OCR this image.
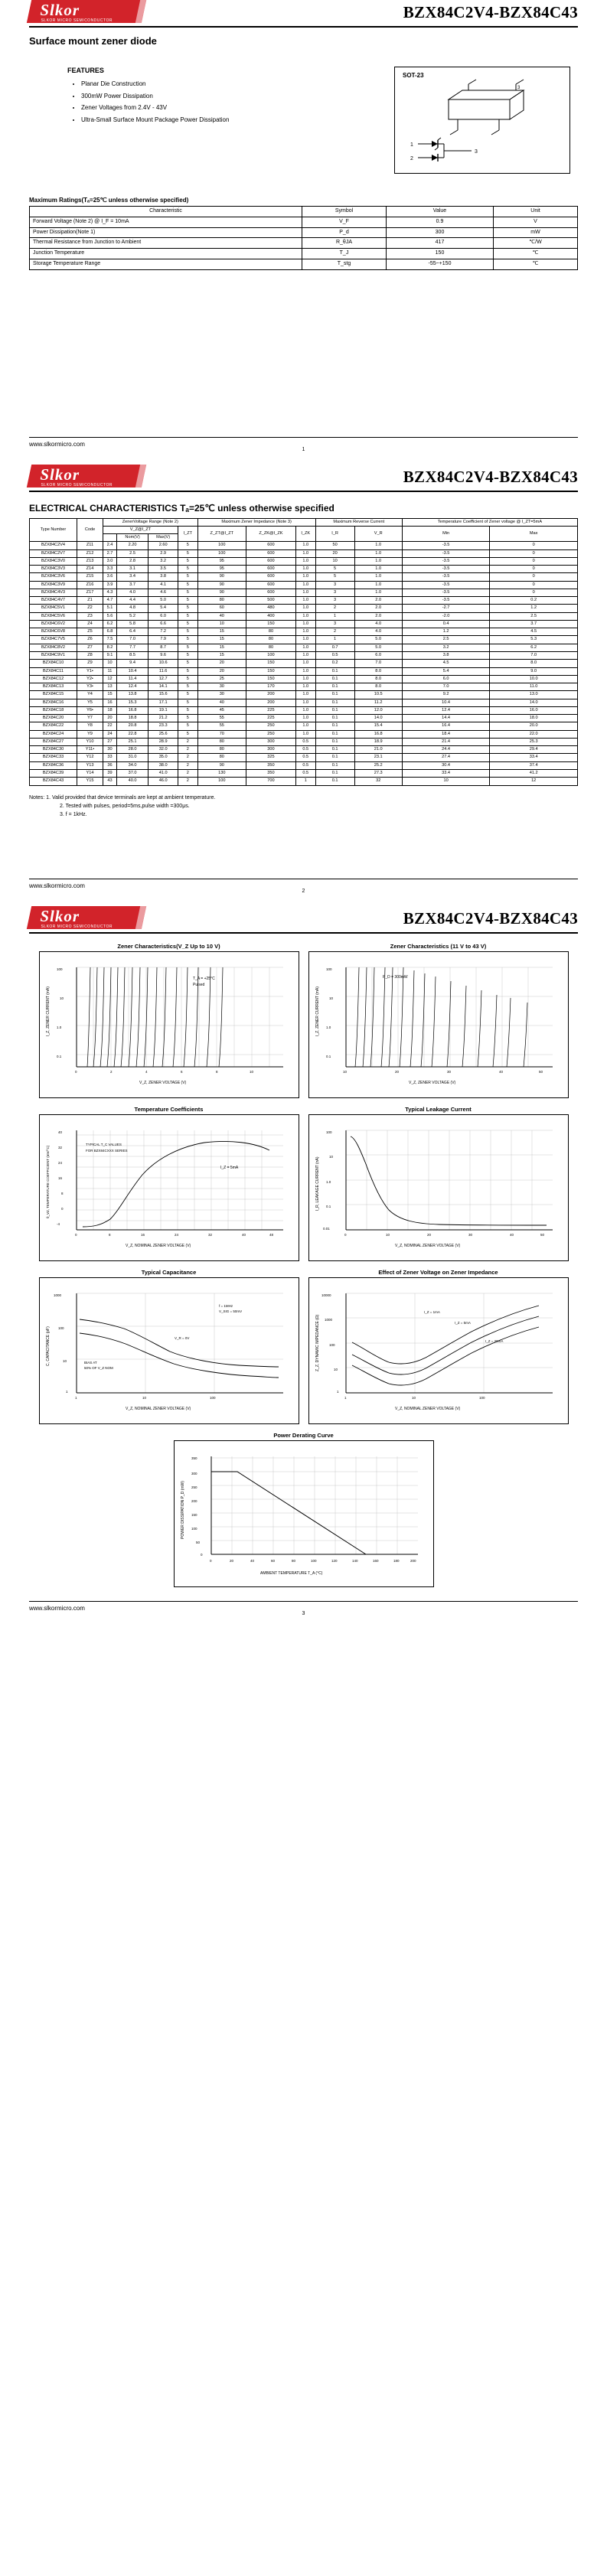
Slkor
SLKOR MICRO SEMICONDUCTOR	BZX84C2V4-BZX84C43
Surface mount zener diode
FEATURES
• Planar Die Construction
• 300mW Power Dissipation
• Zener Voltages from 2.4V - 43V
• Ultra-Small Surface Mount Package Power Dissipation
SOT-23
3
1
2
3
Maximum Ratings(Tₐ=25℃ unless otherwise specified)
Characteristic	Symbol	Value	Unit
Forward Voltage (Note 2) @ I_F = 10mA	V_F	0.9	V
Power Dissipation(Note 1)	P_d	300	mW
Thermal Resistance from Junction to Ambient	R_θJA	417	℃/W
Junction Temperature	T_J	150	℃
Storage Temperature Range	T_stg	-55~+150	℃
www.slkormicro.com
1
Slkor
SLKOR MICRO SEMICONDUCTOR	BZX84C2V4-BZX84C43
ELECTRICAL CHARACTERISTICS Tₐ=25℃ unless otherwise specified
Type Number	Code	ZenerVoltage Range (Note 2)				Maximum Zener Impedance (Note 3)			Maximum Reverse Current		Temperature Coefficient of Zener voltage @ I_ZT=5mA	
		V_Z@I_ZT			I_ZT	Z_ZT@I_ZT	Z_ZK@I_ZK	I_ZK	I_R	V_R	Min	Max
			Nom(V)	Max(V)								
BZX84C2V4	Z11	2.4	2.20	2.60	5	100	600	1.0	50	1.0	-3.5	0
BZX84C2V7	Z12	2.7	2.5	2.9	5	100	600	1.0	20	1.0	-3.5	0
BZX84C3V0	Z13	3.0	2.8	3.2	5	95	600	1.0	10	1.0	-3.5	0
BZX84C3V3	Z14	3.3	3.1	3.5	5	95	600	1.0	5	1.0	-3.5	0
BZX84C3V6	Z15	3.6	3.4	3.8	5	90	600	1.0	5	1.0	-3.5	0
BZX84C3V9	Z16	3.9	3.7	4.1	5	90	600	1.0	3	1.0	-3.5	0
BZX84C4V3	Z17	4.3	4.0	4.6	5	90	600	1.0	3	1.0	-3.5	0
BZX84C4V7	Z1	4.7	4.4	5.0	5	80	500	1.0	3	2.0	-3.5	0.2
BZX84C5V1	Z2	5.1	4.8	5.4	5	60	480	1.0	2	2.0	-2.7	1.2
BZX84C5V6	Z3	5.6	5.2	6.0	5	40	400	1.0	1	2.0	-2.0	2.5
BZX84C6V2	Z4	6.2	5.8	6.6	5	10	150	1.0	3	4.0	0.4	3.7
BZX84C6V8	Z5	6.8	6.4	7.2	5	15	80	1.0	2	4.0	1.2	4.5
BZX84C7V5	Z6	7.5	7.0	7.9	5	15	80	1.0	1	5.0	2.5	5.3
BZX84C8V2	Z7	8.2	7.7	8.7	5	15	80	1.0	0.7	5.0	3.2	6.2
BZX84C9V1	Z8	9.1	8.5	9.6	5	15	100	1.0	0.5	6.0	3.8	7.0
BZX84C10	Z9	10	9.4	10.6	5	20	150	1.0	0.2	7.0	4.5	8.0
BZX84C11	Y1•	11	10.4	11.6	5	20	150	1.0	0.1	8.0	5.4	9.0
BZX84C12	Y2•	12	11.4	12.7	5	25	150	1.0	0.1	8.0	6.0	10.0
BZX84C13	Y3•	13	12.4	14.1	5	30	170	1.0	0.1	8.0	7.0	11.0
BZX84C15	Y4	15	13.8	15.6	5	30	200	1.0	0.1	10.5	9.2	13.0
BZX84C16	Y5	16	15.3	17.1	5	40	200	1.0	0.1	11.2	10.4	14.0
BZX84C18	Y6•	18	16.8	19.1	5	45	225	1.0	0.1	12.0	12.4	16.0
BZX84C20	Y7	20	18.8	21.2	5	55	225	1.0	0.1	14.0	14.4	18.0
BZX84C22	Y8	22	20.8	23.3	5	55	250	1.0	0.1	15.4	16.4	20.0
BZX84C24	Y9	24	22.8	25.6	5	70	250	1.0	0.1	16.8	18.4	22.0
BZX84C27	Y10	27	25.1	28.9	2	80	300	0.5	0.1	18.9	21.4	25.3
BZX84C30	Y11•	30	28.0	32.0	2	80	300	0.5	0.1	21.0	24.4	29.4
BZX84C33	Y12	33	31.0	35.0	2	80	325	0.5	0.1	23.1	27.4	33.4
BZX84C36	Y13	36	34.0	38.0	2	90	350	0.5	0.1	25.2	30.4	37.4
BZX84C39	Y14	39	37.0	41.0	2	130	350	0.5	0.1	27.3	33.4	41.2
BZX84C43	Y15	43	40.0	46.0	2	100	700	1	0.1	32	10	12
Notes: 1. Valid provided that device terminals are kept at ambient temperature.
2. Tested with pulses, period=5ms,pulse width =300μs.
3. f = 1kHz.
www.slkormicro.com
2
Slkor
SLKOR MICRO SEMICONDUCTOR	BZX84C2V4-BZX84C43
Zener Characteristics(V_Z Up to 10 V)
T_A = +25°C
Pulsed
100
10
1.0
0.1
0	2	4	6	8	10
V_Z, ZENER VOLTAGE (V)
I_Z, ZENER CURRENT (mA)
Zener Characteristics (11 V to 43 V)
P_D = 300mW
100
10
1.0
0.1
10	20	30	40	50
V_Z, ZENER VOLTAGE (V)
I_Z, ZENER CURRENT (mA)
Temperature Coefficients
TYPICAL T_C VALUES
FOR BZX84CXXX SERIES
I_Z = 5mA
40
32
24
16
8
0
-4
0	8	16	24	32	40	48
V_Z, NOMINAL ZENER VOLTAGE (V)
θ_VZ, TEMPERATURE COEFFICIENT (mV/°C)
Typical Leakage Current
100
10
1.0
0.1
0.01
0	10	20	30	40	50
V_Z, NOMINAL ZENER VOLTAGE (V)
I_R, LEAKAGE CURRENT (nA)
Typical Capacitance
f = 1MHz
V_SIG = 50mV
BIAS AT
50% OF V_Z NOM
V_R = 0V
1000
100
10
1
1	10	100
V_Z, NOMINAL ZENER VOLTAGE (V)
C, CAPACITANCE (pF)
Effect of Zener Voltage on Zener Impedance
I_Z = 1mA
I_Z = 5mA
I_Z = 20mA
10000
1000
100
10
1
1	10	100
V_Z, NOMINAL ZENER VOLTAGE (V)
Z_Z, DYNAMIC IMPEDANCE (Ω)
Power Derating Curve
350
300
250
200
150
100
50
0
0	20	40	60	80	100	120	140	160	180	200
AMBIENT TEMPERATURE T_A (°C)
POWER DISSIPATION P_D (mW)
www.slkormicro.com
3
